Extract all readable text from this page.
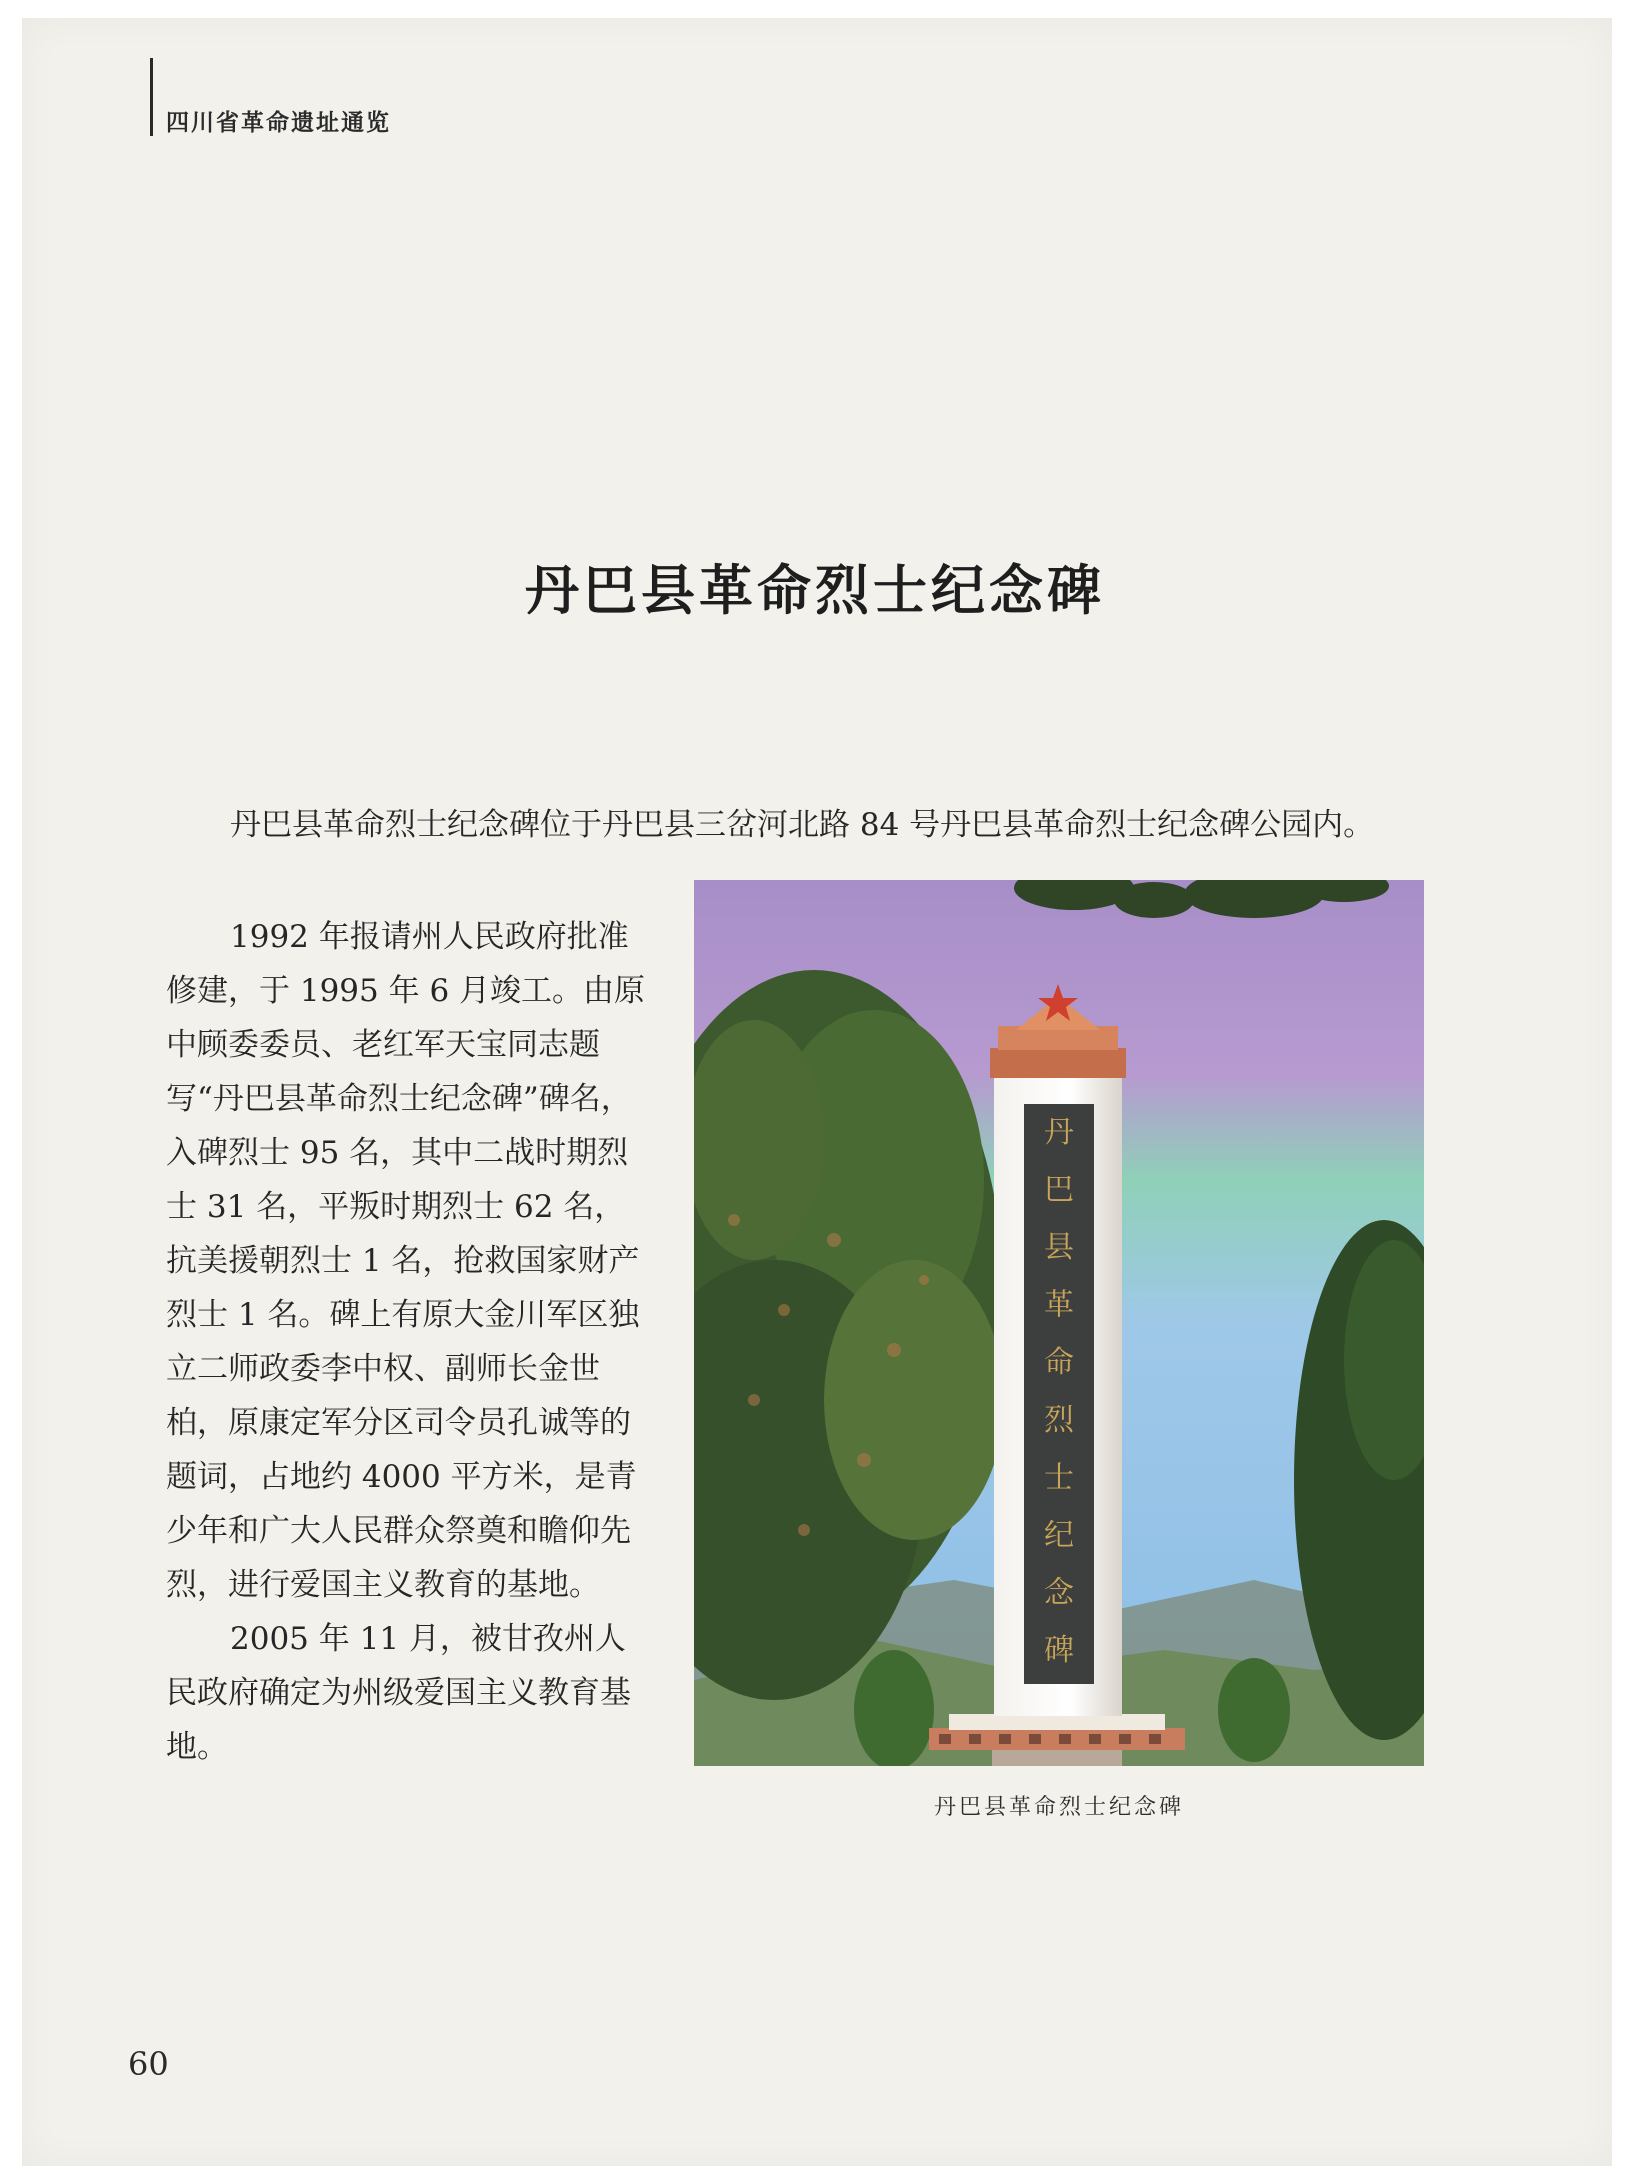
四川省革命遗址通览
丹巴县革命烈士纪念碑

丹巴县革命烈士纪念碑位于丹巴县三岔河北路 84 号丹巴县革命烈士纪念碑公园内。

1992 年报请州人民政府批准修建，于 1995 年 6 月竣工。由原中顾委委员、老红军天宝同志题写“丹巴县革命烈士纪念碑”碑名，入碑烈士 95 名，其中二战时期烈士 31 名，平叛时期烈士 62 名，抗美援朝烈士 1 名，抢救国家财产烈士 1 名。碑上有原大金川军区独立二师政委李中权、副师长金世柏，原康定军分区司令员孔诚等的题词，占地约 4000 平方米，是青少年和广大人民群众祭奠和瞻仰先烈，进行爱国主义教育的基地。

2005 年 11 月，被甘孜州人民政府确定为州级爱国主义教育基地。

丹
巴
县
革
命
烈
士
纪
念
碑
丹巴县革命烈士纪念碑
60
